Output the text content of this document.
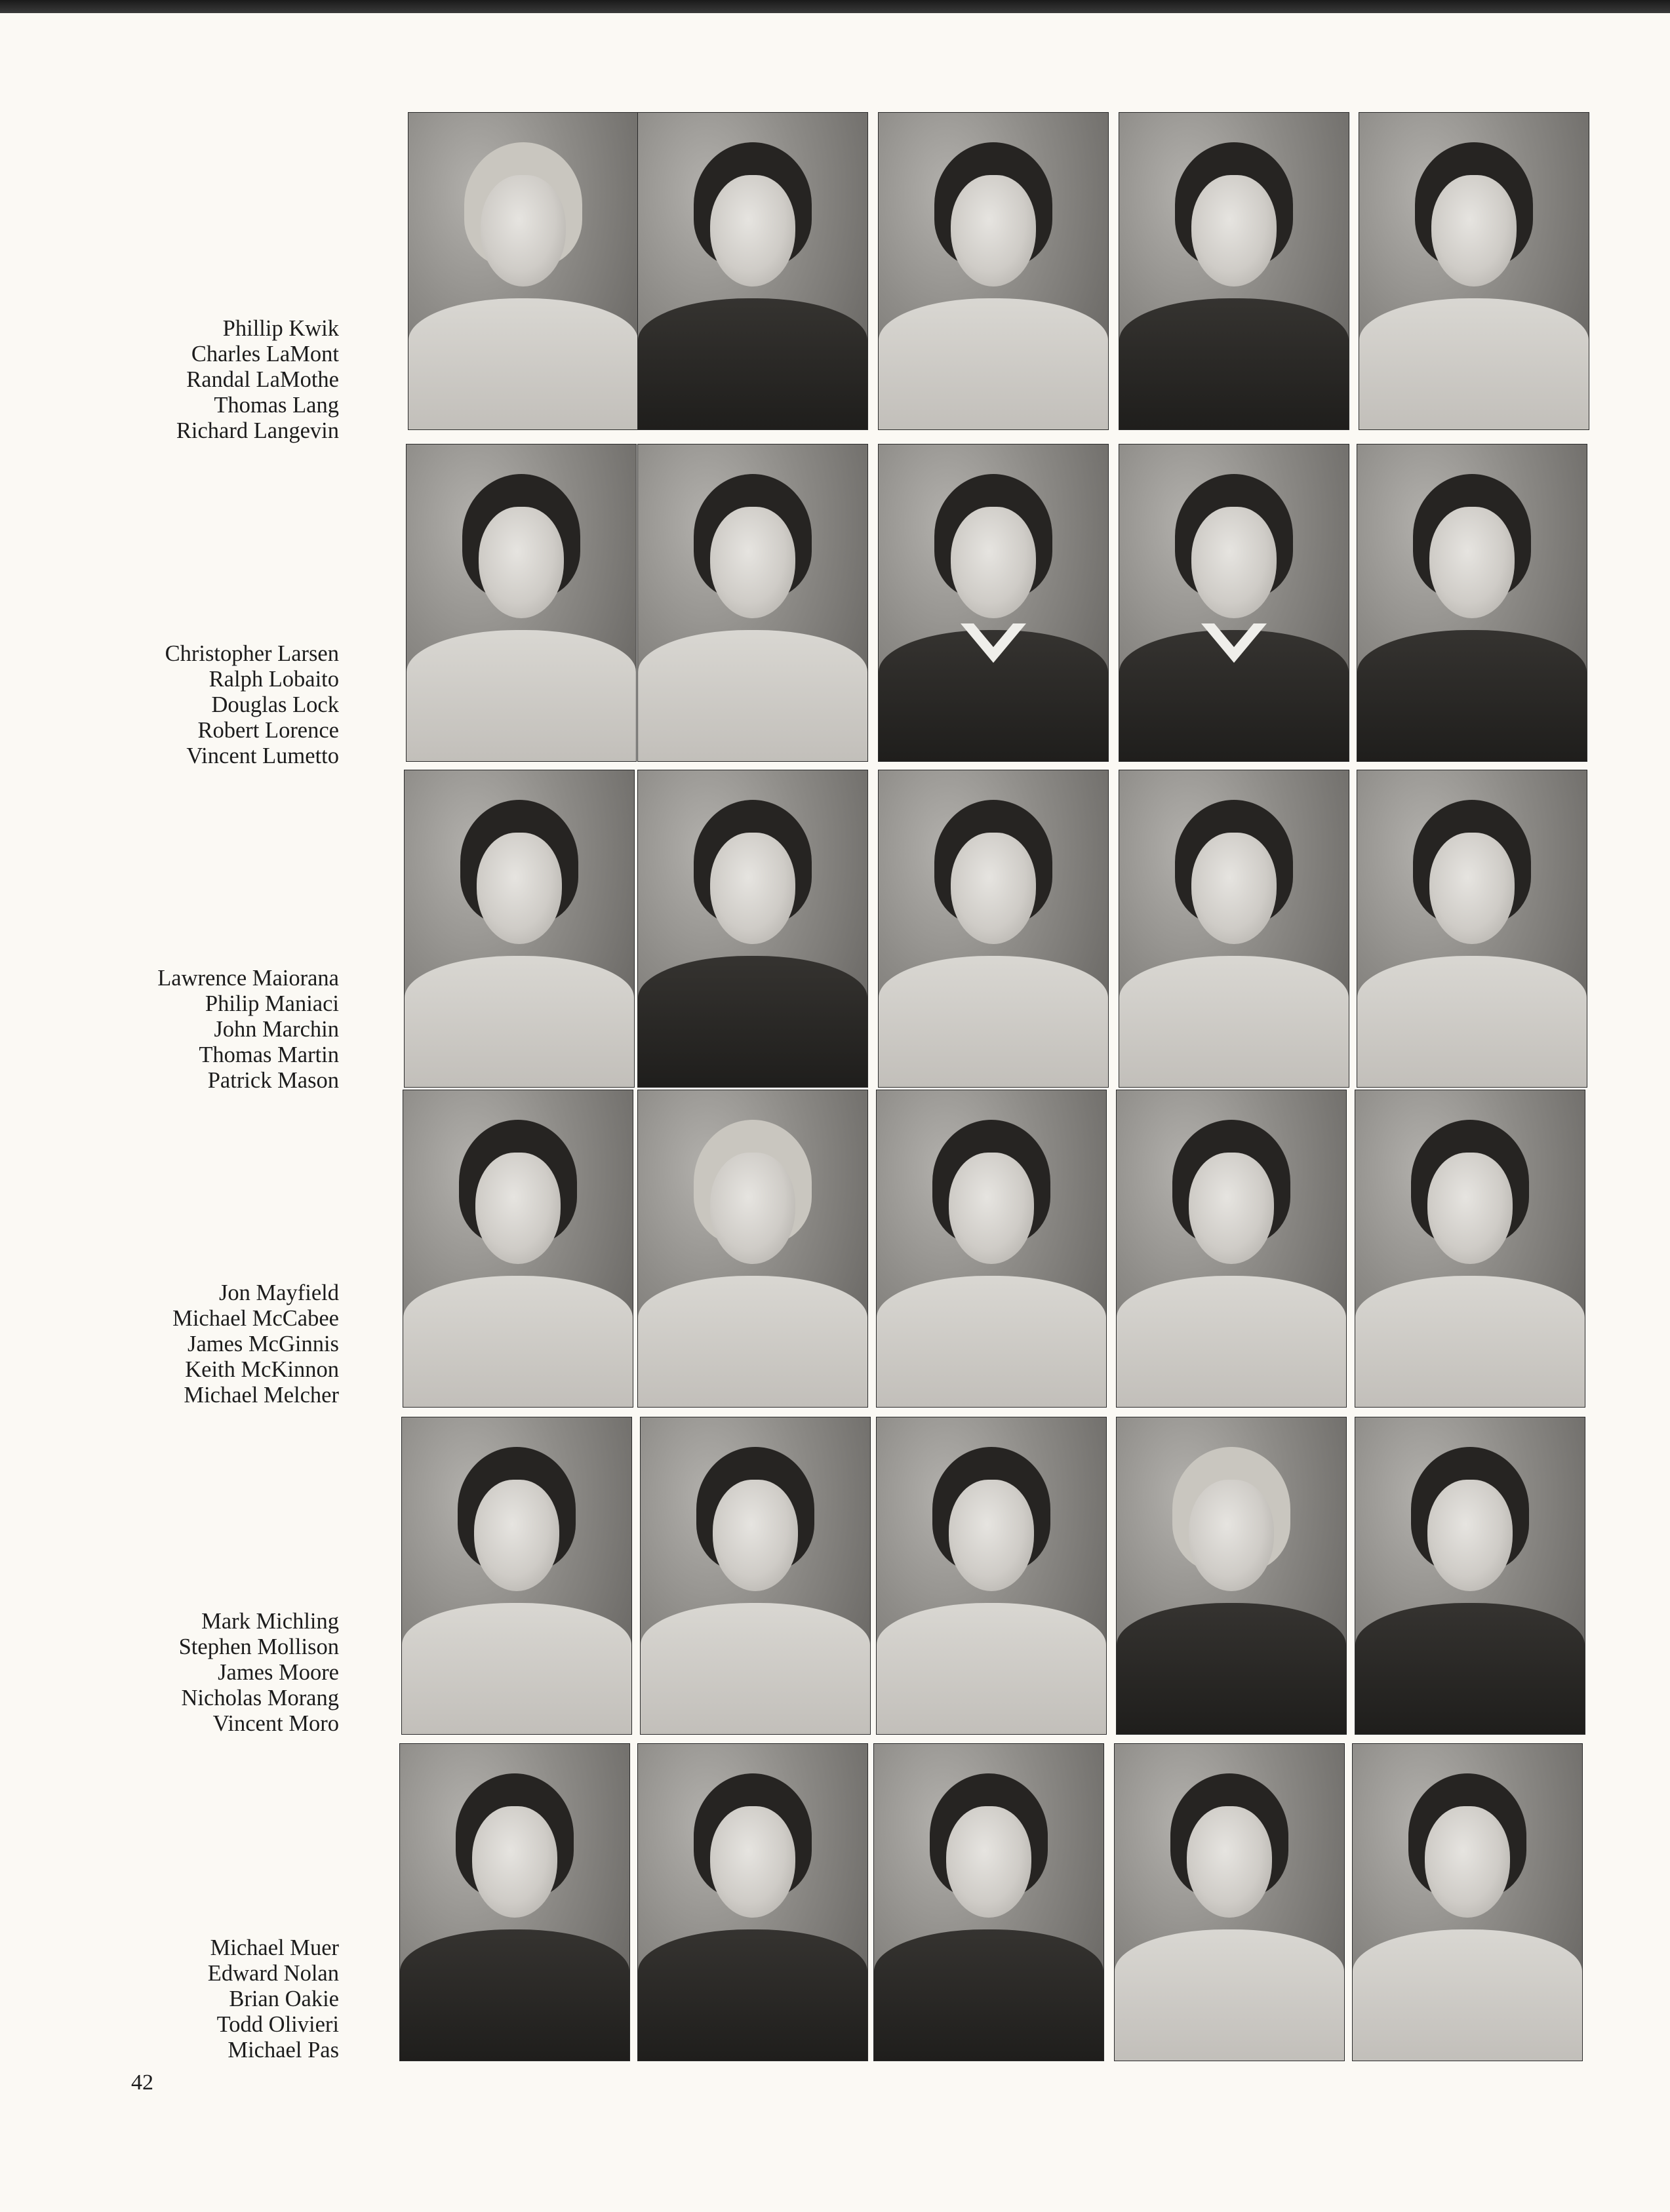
Phillip Kwik
Charles LaMont
Randal LaMothe
Thomas Lang
Richard Langevin
Christopher Larsen
Ralph Lobaito
Douglas Lock
Robert Lorence
Vincent Lumetto
Lawrence Maiorana
Philip Maniaci
John Marchin
Thomas Martin
Patrick Mason
Jon Mayfield
Michael McCabee
James McGinnis
Keith McKinnon
Michael Melcher
Mark Michling
Stephen Mollison
James Moore
Nicholas Morang
Vincent Moro
Michael Muer
Edward Nolan
Brian Oakie
Todd Olivieri
Michael Pas
42
